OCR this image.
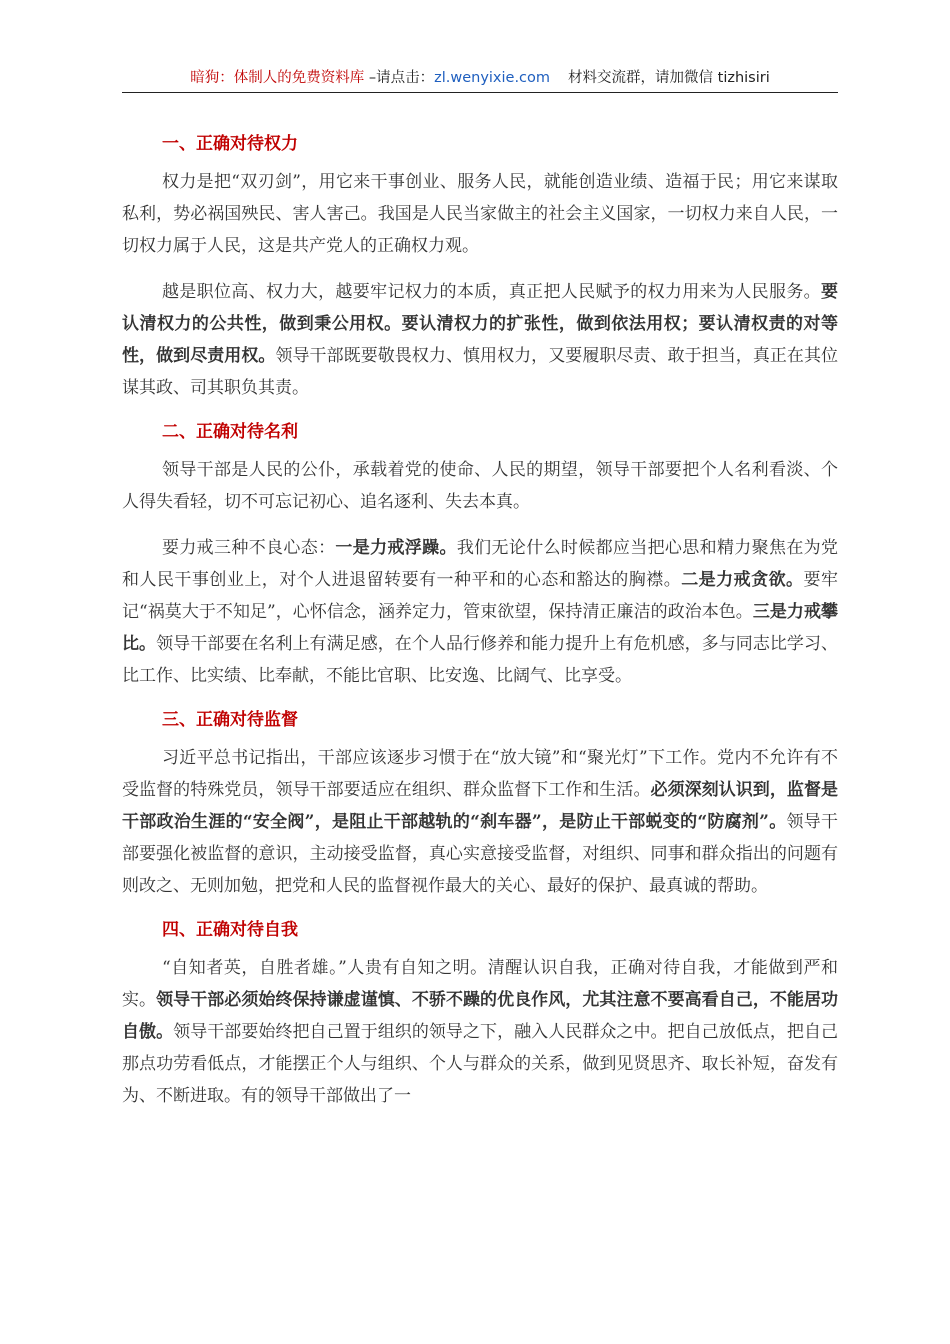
暗狗：体制人的免费资料库 –请点击：zl.wenyixie.com 材料交流群，请加微信 tizhisiri
一、正确对待权力

权力是把“双刃剑”，用它来干事创业、服务人民，就能创造业绩、造福于民；用它来谋取私利，势必祸国殃民、害人害己。我国是人民当家做主的社会主义国家，一切权力来自人民，一切权力属于人民，这是共产党人的正确权力观。

越是职位高、权力大，越要牢记权力的本质，真正把人民赋予的权力用来为人民服务。要认清权力的公共性，做到秉公用权。要认清权力的扩张性，做到依法用权；要认清权责的对等性，做到尽责用权。领导干部既要敬畏权力、慎用权力，又要履职尽责、敢于担当，真正在其位谋其政、司其职负其责。

二、正确对待名利

领导干部是人民的公仆，承载着党的使命、人民的期望，领导干部要把个人名利看淡、个人得失看轻，切不可忘记初心、追名逐利、失去本真。

要力戒三种不良心态：一是力戒浮躁。我们无论什么时候都应当把心思和精力聚焦在为党和人民干事创业上，对个人进退留转要有一种平和的心态和豁达的胸襟。二是力戒贪欲。要牢记“祸莫大于不知足”，心怀信念，涵养定力，管束欲望，保持清正廉洁的政治本色。三是力戒攀比。领导干部要在名利上有满足感，在个人品行修养和能力提升上有危机感，多与同志比学习、比工作、比实绩、比奉献，不能比官职、比安逸、比阔气、比享受。

三、正确对待监督

习近平总书记指出，干部应该逐步习惯于在“放大镜”和“聚光灯”下工作。党内不允许有不受监督的特殊党员，领导干部要适应在组织、群众监督下工作和生活。必须深刻认识到，监督是干部政治生涯的“安全阀”，是阻止干部越轨的“刹车器”，是防止干部蜕变的“防腐剂”。领导干部要强化被监督的意识，主动接受监督，真心实意接受监督，对组织、同事和群众指出的问题有则改之、无则加勉，把党和人民的监督视作最大的关心、最好的保护、最真诚的帮助。

四、正确对待自我

“自知者英，自胜者雄。”人贵有自知之明。清醒认识自我，正确对待自我，才能做到严和实。领导干部必须始终保持谦虚谨慎、不骄不躁的优良作风，尤其注意不要高看自己，不能居功自傲。领导干部要始终把自己置于组织的领导之下，融入人民群众之中。把自己放低点，把自己那点功劳看低点，才能摆正个人与组织、个人与群众的关系，做到见贤思齐、取长补短，奋发有为、不断进取。有的领导干部做出了一
